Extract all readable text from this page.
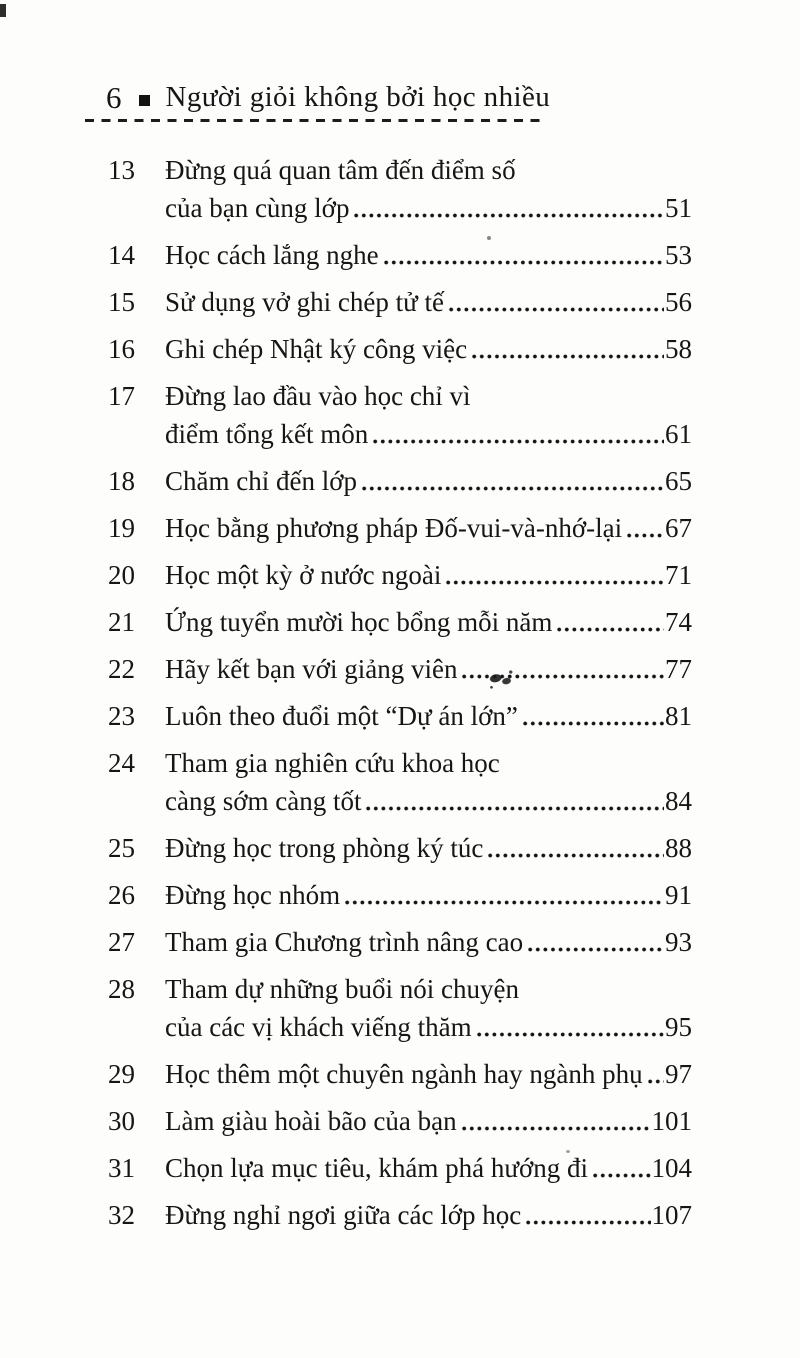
6 Người giỏi không bởi học nhiều
13	Đừng quá quan tâm đến điểm số
của bạn cùng lớp	51
14	Học cách lắng nghe	53
15	Sử dụng vở ghi chép tử tế	56
16	Ghi chép Nhật ký công việc	58
17	Đừng lao đầu vào học chỉ vì
điểm tổng kết môn	61
18	Chăm chỉ đến lớp	65
19	Học bằng phương pháp Đố-vui-và-nhớ-lại 67
20	Học một kỳ ở nước ngoài	71
21	Ứng tuyển mười học bổng mỗi năm	74
22	Hãy kết bạn với giảng viên	77
23	Luôn theo đuổi một “Dự án lớn”	81
24	Tham gia nghiên cứu khoa học
càng sớm càng tốt	84
25	Đừng học trong phòng ký túc	88
26	Đừng học nhóm	91
27	Tham gia Chương trình nâng cao	93
28	Tham dự những buổi nói chuyện
của các vị khách viếng thăm	95
29	Học thêm một chuyên ngành hay ngành phụ 97
30	Làm giàu hoài bão của bạn	101
31	Chọn lựa mục tiêu, khám phá hướng đi 104
32	Đừng nghỉ ngơi giữa các lớp học	107
